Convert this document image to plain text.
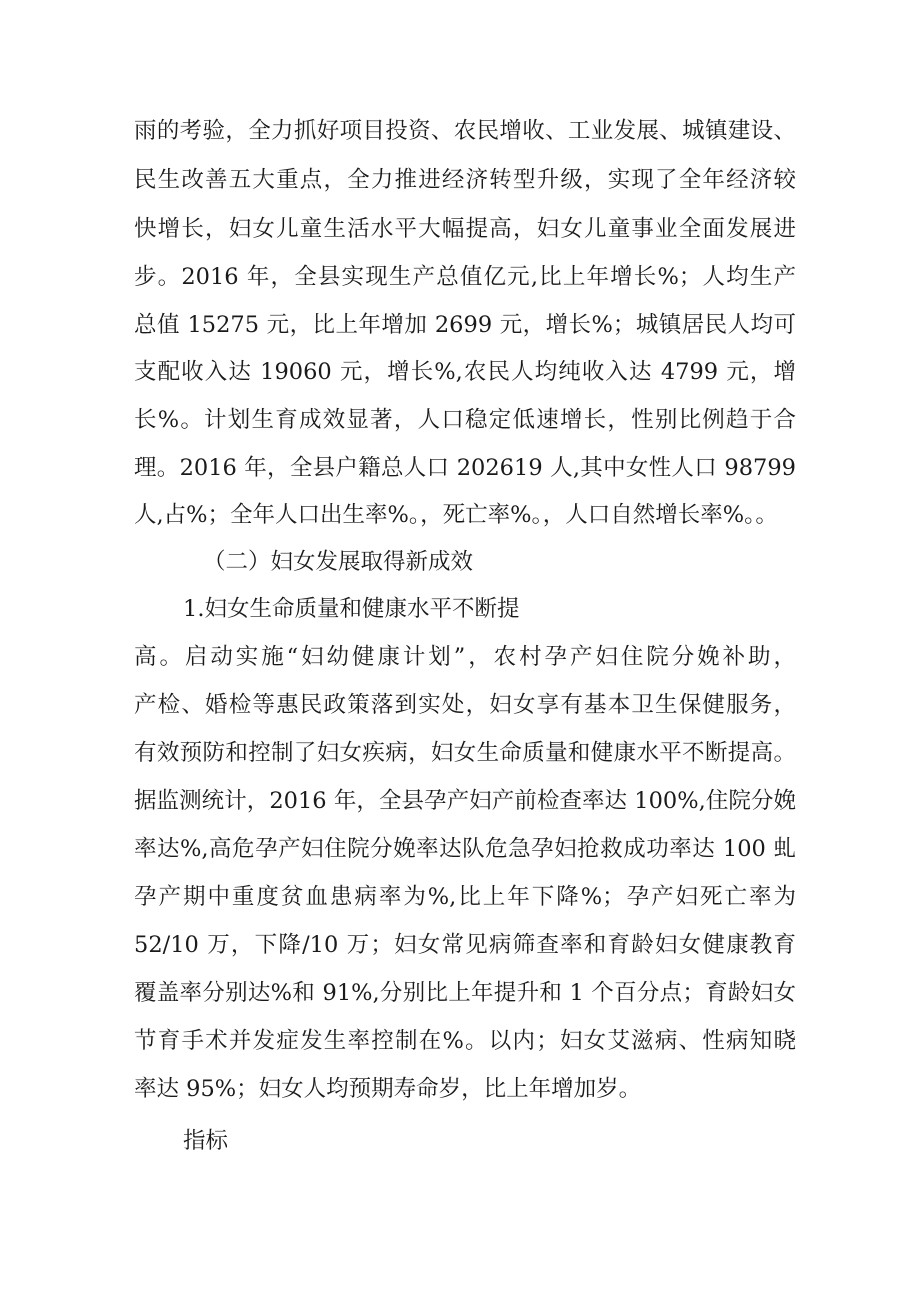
雨的考验，全力抓好项目投资、农民增收、工业发展、城镇建设、
民生改善五大重点，全力推进经济转型升级，实现了全年经济较
快增长，妇女儿童生活水平大幅提高，妇女儿童事业全面发展进
步。2016 年，全县实现生产总值亿元,比上年增长%；人均生产
总值 15275 元，比上年增加 2699 元，增长%；城镇居民人均可
支配收入达 19060 元，增长%,农民人均纯收入达 4799 元，增
长%。计划生育成效显著，人口稳定低速增长，性别比例趋于合
理。2016 年，全县户籍总人口 202619 人,其中女性人口 98799
人,占%；全年人口出生率%。，死亡率%。，人口自然增长率%。。
（二）妇女发展取得新成效
1.妇女生命质量和健康水平不断提
高。启动实施“妇幼健康计划”，农村孕产妇住院分娩补助，
产检、婚检等惠民政策落到实处，妇女享有基本卫生保健服务，
有效预防和控制了妇女疾病，妇女生命质量和健康水平不断提高。
据监测统计，2016 年，全县孕产妇产前检查率达 100%,住院分娩
率达%,高危孕产妇住院分娩率达队危急孕妇抢救成功率达 100 虬
孕产期中重度贫血患病率为%,比上年下降%；孕产妇死亡率为
52/10 万，下降/10 万；妇女常见病筛查率和育龄妇女健康教育
覆盖率分别达%和 91%,分别比上年提升和 1 个百分点；育龄妇女
节育手术并发症发生率控制在%。以内；妇女艾滋病、性病知晓
率达 95%；妇女人均预期寿命岁，比上年增加岁。
指标
